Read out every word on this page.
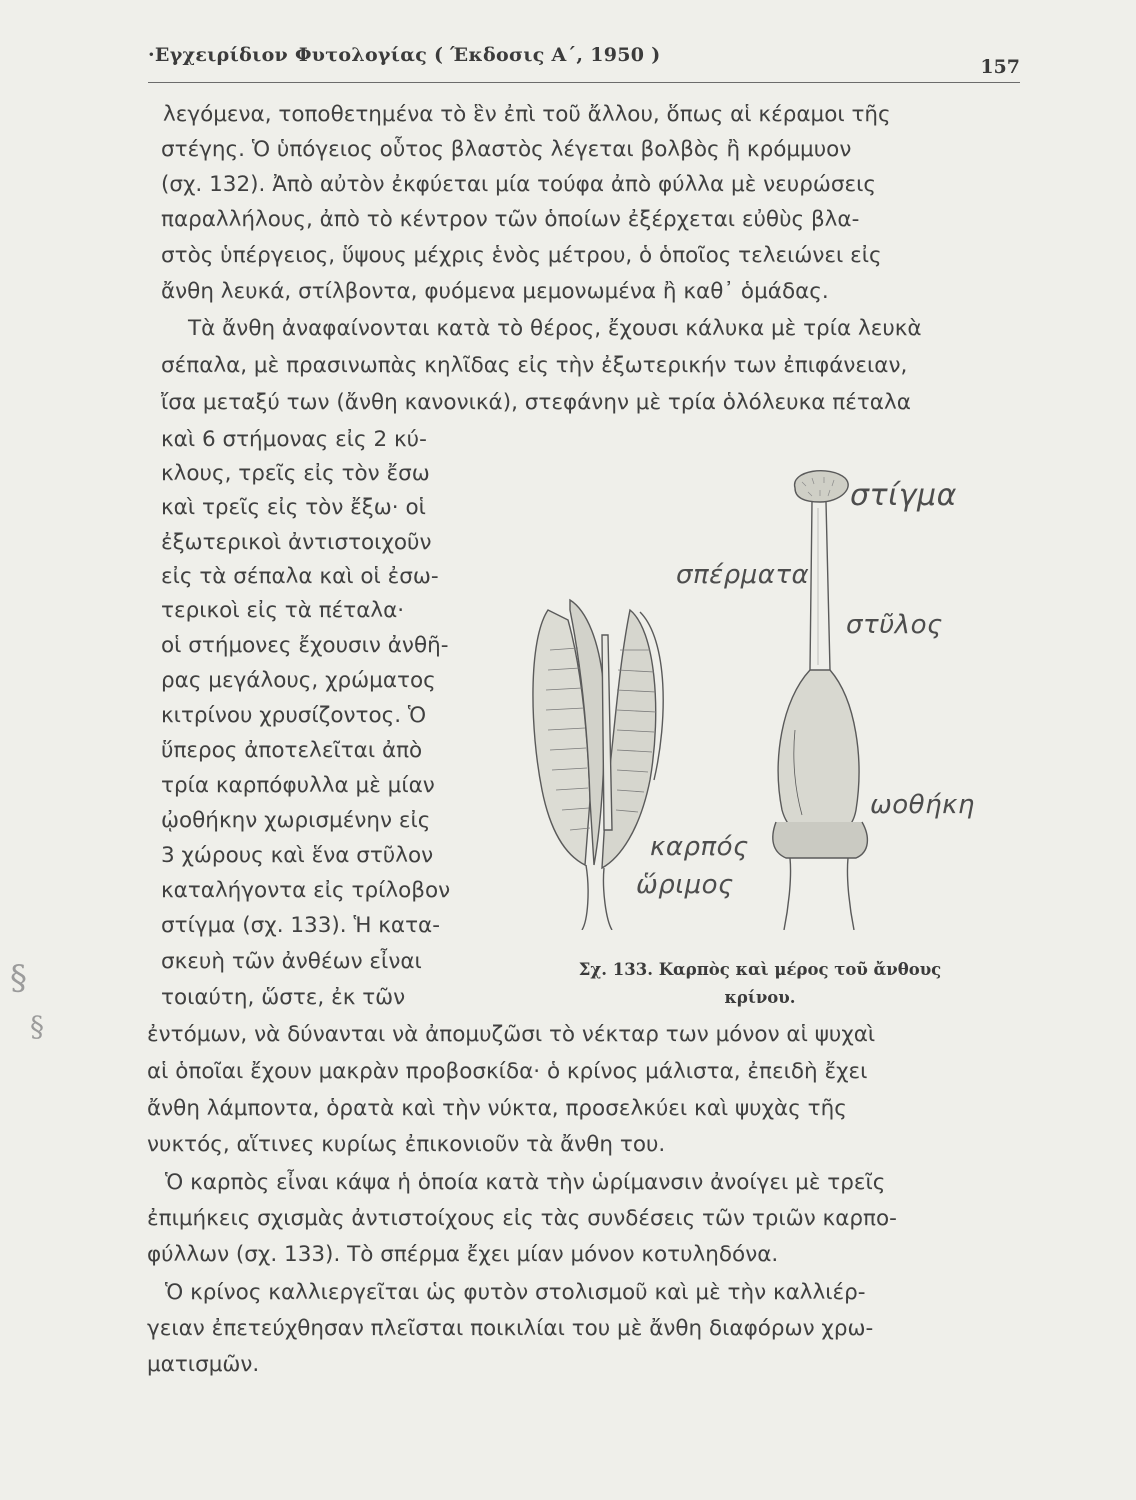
·Εγχειρίδιον Φυτολογίας ( Έκδοσις Α΄, 1950 )
157

λεγόμενα, τοποθετημένα τὸ ἓν ἐπὶ τοῦ ἄλλου, ὅπως αἱ κέραμοι τῆς

στέγης. Ὁ ὑπόγειος οὗτος βλαστὸς λέγεται βολβὸς ἢ κρόμμυον

(σχ. 132). Ἀπὸ αὐτὸν ἐκφύεται μία τούφα ἀπὸ φύλλα μὲ νευρώσεις

παραλλήλους, ἀπὸ τὸ κέντρον τῶν ὁποίων ἐξέρχεται εὐθὺς βλα-

στὸς ὑπέργειος, ὕψους μέχρις ἑνὸς μέτρου, ὁ ὁποῖος τελειώνει εἰς

ἄνθη λευκά, στίλβοντα, φυόμενα μεμονωμένα ἢ καθ᾽ ὁμάδας.

Τὰ ἄνθη ἀναφαίνονται κατὰ τὸ θέρος, ἔχουσι κάλυκα μὲ τρία λευκὰ

σέπαλα, μὲ πρασινωπὰς κηλῖδας εἰς τὴν ἐξωτερικήν των ἐπιφάνειαν,

ἴσα μεταξύ των (ἄνθη κανονικά), στεφάνην μὲ τρία ὁλόλευκα πέταλα

καὶ 6 στήμονας εἰς 2 κύ-

κλους, τρεῖς εἰς τὸν ἔσω

καὶ τρεῖς εἰς τὸν ἔξω· οἱ

ἐξωτερικοὶ ἀντιστοιχοῦν

εἰς τὰ σέπαλα καὶ οἱ ἐσω-

τερικοὶ εἰς τὰ πέταλα·

οἱ στήμονες ἔχουσιν ἀνθῆ-

ρας μεγάλους, χρώματος

κιτρίνου χρυσίζοντος. Ὁ

ὕπερος ἀποτελεῖται ἀπὸ

τρία καρπόφυλλα μὲ μίαν

ᾠοθήκην χωρισμένην εἰς

3 χώρους καὶ ἕνα στῦλον

καταλήγοντα εἰς τρίλοβον

στίγμα (σχ. 133). Ἡ κατα-

σκευὴ τῶν ἀνθέων εἶναι

τοιαύτη, ὥστε, ἐκ τῶν

ἐντόμων, νὰ δύνανται νὰ ἀπομυζῶσι τὸ νέκταρ των μόνον αἱ ψυχαὶ

αἱ ὁποῖαι ἔχουν μακρὰν προβοσκίδα· ὁ κρίνος μάλιστα, ἐπειδὴ ἔχει

ἄνθη λάμποντα, ὁρατὰ καὶ τὴν νύκτα, προσελκύει καὶ ψυχὰς τῆς

νυκτός, αἵτινες κυρίως ἐπικονιοῦν τὰ ἄνθη του.

Ὁ καρπὸς εἶναι κάψα ἡ ὁποία κατὰ τὴν ὡρίμανσιν ἀνοίγει μὲ τρεῖς

ἐπιμήκεις σχισμὰς ἀντιστοίχους εἰς τὰς συνδέσεις τῶν τριῶν καρπο-

φύλλων (σχ. 133). Τὸ σπέρμα ἔχει μίαν μόνον κοτυληδόνα.

Ὁ κρίνος καλλιεργεῖται ὡς φυτὸν στολισμοῦ καὶ μὲ τὴν καλλιέρ-

γειαν ἐπετεύχθησαν πλεῖσται ποικιλίαι του μὲ ἄνθη διαφόρων χρω-

ματισμῶν.

στίγμα
σπέρματα
στῦλος
ωοθήκη
καρπός
ὥριμος
Σχ. 133. Καρπὸς καὶ μέρος τοῦ ἄνθους
κρίνου.
§
§
